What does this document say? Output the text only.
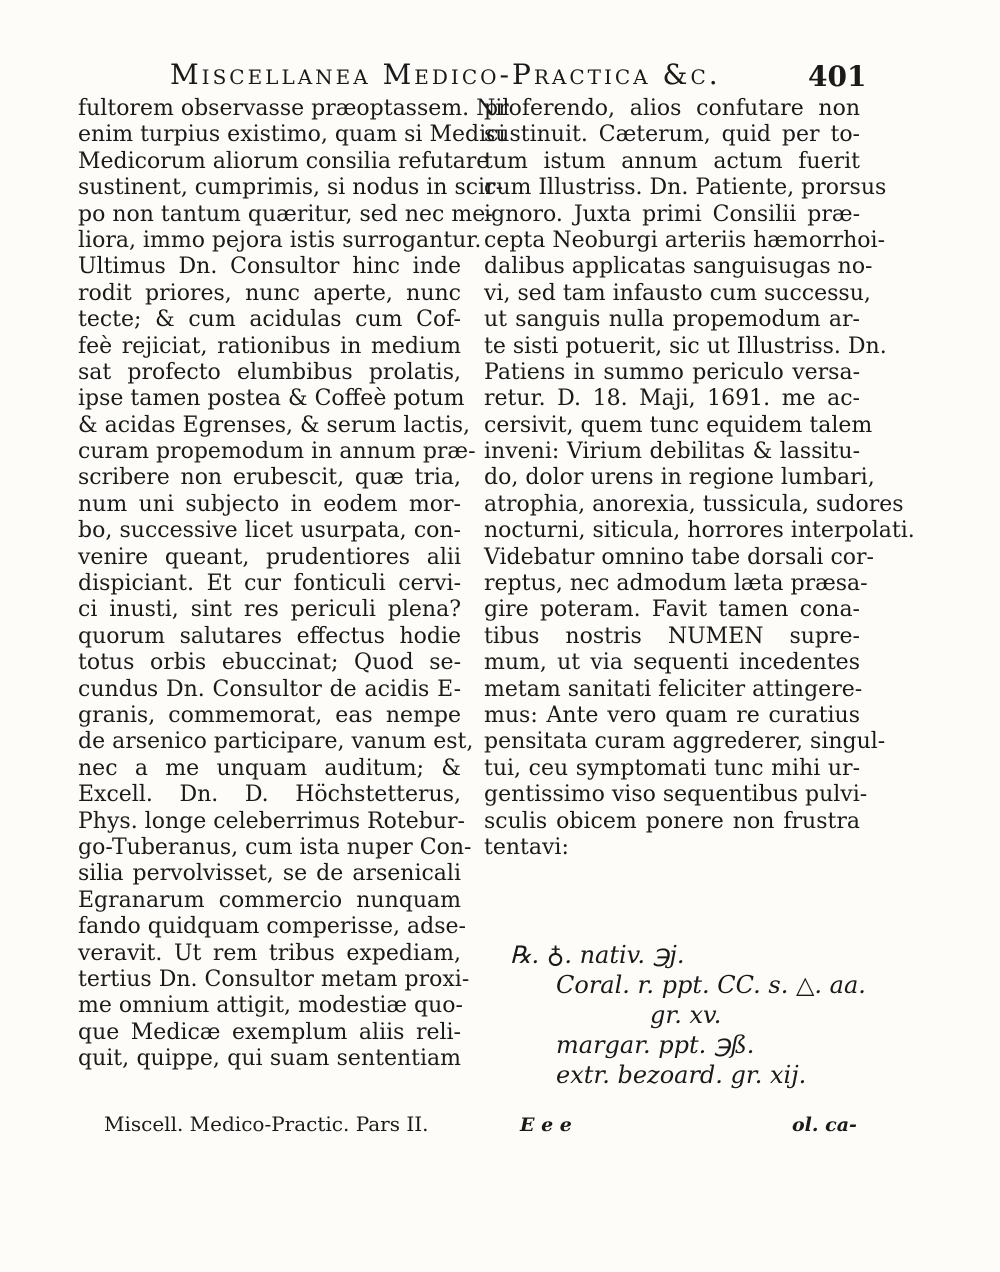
Miscellanea Medico-Practica &c.	401
fultorem observasse præoptassem. Nil
enim turpius existimo, quam si Medici
Medicorum aliorum consilia refutare
sustinent, cumprimis, si nodus in scir-
po non tantum quæritur, sed nec me-
liora, immo pejora istis surrogantur.
Ultimus Dn. Consultor hinc inde
rodit priores, nunc aperte, nunc
tecte; & cum acidulas cum Cof-
feè rejiciat, rationibus in medium
sat profecto elumbibus prolatis,
ipse tamen postea & Coffeè potum
& acidas Egrenses, & serum lactis,
curam propemodum in annum præ-
scribere non erubescit, quæ tria,
num uni subjecto in eodem mor-
bo, successive licet usurpata, con-
venire queant, prudentiores alii
dispiciant. Et cur fonticuli cervi-
ci inusti, sint res periculi plena?
quorum salutares effectus hodie
totus orbis ebuccinat; Quod se-
cundus Dn. Consultor de acidis E-
granis, commemorat, eas nempe
de arsenico participare, vanum est,
nec a me unquam auditum; &
Excell. Dn. D. Höchstetterus,
Phys. longe celeberrimus Rotebur-
go-Tuberanus, cum ista nuper Con-
silia pervolvisset, se de arsenicali
Egranarum commercio nunquam
fando quidquam comperisse, adse-
veravit. Ut rem tribus expediam,
tertius Dn. Consultor metam proxi-
me omnium attigit, modestiæ quo-
que Medicæ exemplum aliis reli-
quit, quippe, qui suam sententiam
proferendo, alios confutare non
sustinuit. Cæterum, quid per to-
tum istum annum actum fuerit
cum Illustriss. Dn. Patiente, prorsus
ignoro. Juxta primi Consilii præ-
cepta Neoburgi arteriis hæmorrhoi-
dalibus applicatas sanguisugas no-
vi, sed tam infausto cum successu,
ut sanguis nulla propemodum ar-
te sisti potuerit, sic ut Illustriss. Dn.
Patiens in summo periculo versa-
retur. D. 18. Maji, 1691. me ac-
cersivit, quem tunc equidem talem
inveni: Virium debilitas & lassitu-
do, dolor urens in regione lumbari,
atrophia, anorexia, tussicula, sudores
nocturni, siticula, horrores interpolati.
Videbatur omnino tabe dorsali cor-
reptus, nec admodum læta præsa-
gire poteram. Favit tamen cona-
tibus nostris NUMEN supre-
mum, ut via sequenti incedentes
metam sanitati feliciter attingere-
mus: Ante vero quam re curatius
pensitata curam aggrederer, singul-
tui, ceu symptomati tunc mihi ur-
gentissimo viso sequentibus pulvi-
sculis obicem ponere non frustra
tentavi:
℞. ♁. nativ. ℈j.
Coral. r. ppt. CC. s. △. aa.
gr. xv.
margar. ppt. ℈ß.
extr. bezoard. gr. xij.
Miscell. Medico-Practic. Pars II.	E e e	ol. ca-
